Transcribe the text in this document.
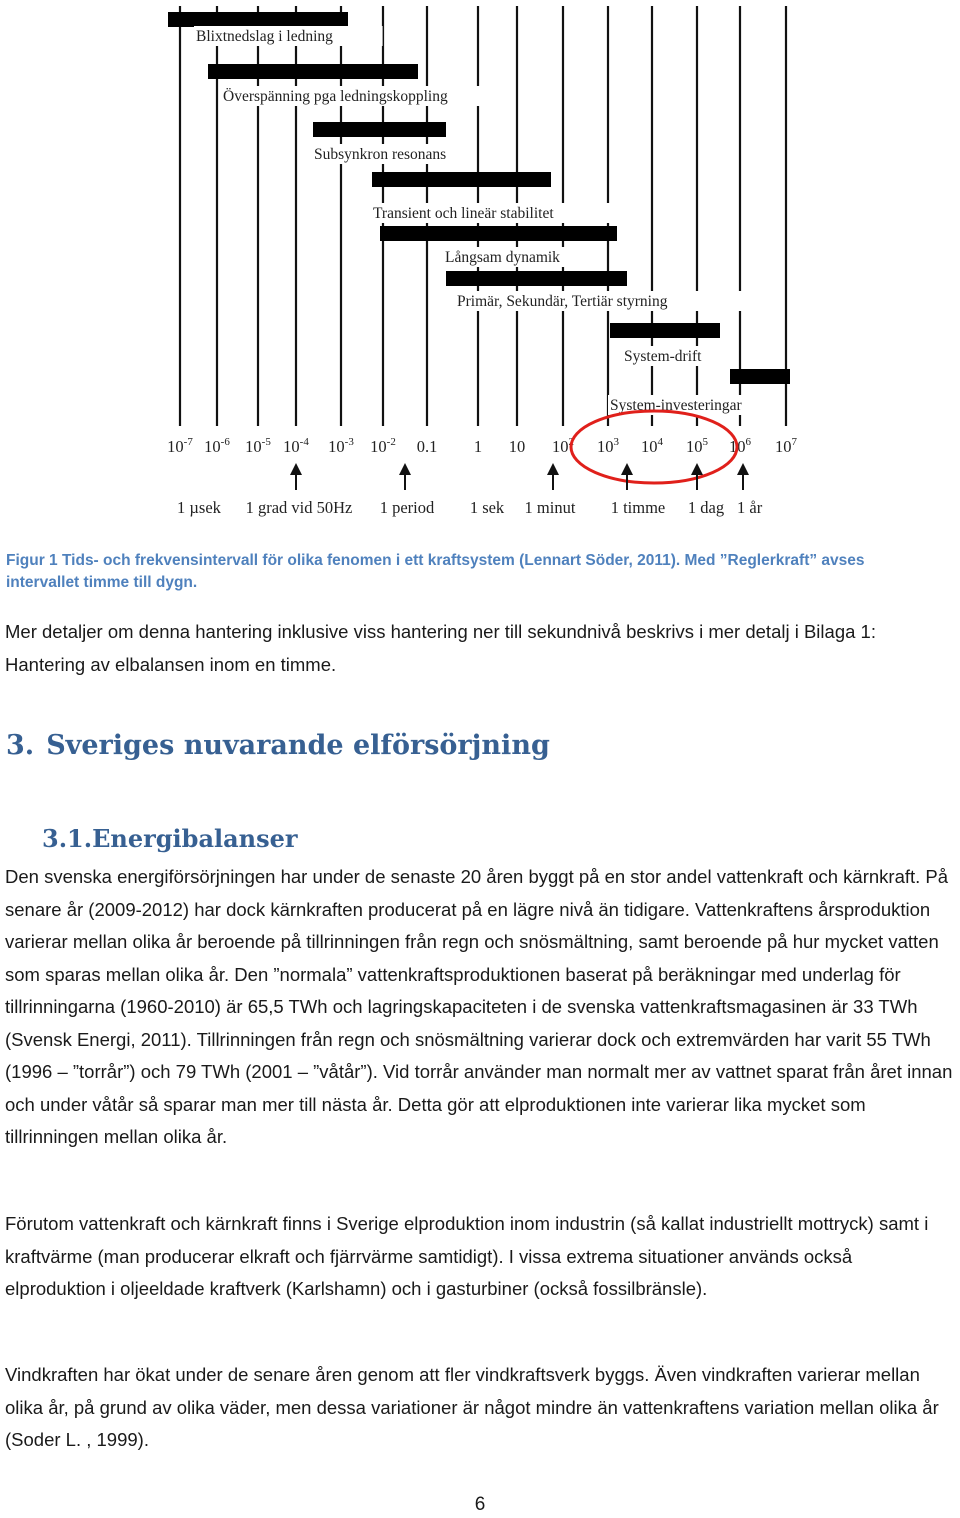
Blixtnedslag i ledning
Överspänning pga ledningskoppling
Subsynkron resonans
Transient och lineär stabilitet
Långsam dynamik
Primär, Sekundär, Tertiär styrning
System-drift
System-investeringar
$10^{-7}$ $10^{-6}$ $10^{-5}$ $10^{-4}$ $10^{-3}$ $10^{-2}$ 0.1 1 10 $10^2$ $10^3$ $10^4$ $10^5$ $10^6$ $10^7$
1 µsek 1 grad vid 50Hz 1 period 1 sek 1 minut 1 timme 1 dag 1 år
Figur 1 Tids- och frekvensintervall för olika fenomen i ett kraftsystem (Lennart Söder, 2011). Med ”Reglerkraft” avses intervallet timme till dygn.

Mer detaljer om denna hantering inklusive viss hantering ner till sekundnivå beskrivs i mer detalj i Bilaga 1: Hantering av elbalansen inom en timme.

3. Sveriges nuvarande elförsörjning
3.1.Energibalanser

Den svenska energiförsörjningen har under de senaste 20 åren byggt på en stor andel vattenkraft och kärnkraft. På senare år (2009-2012) har dock kärnkraften producerat på en lägre nivå än tidigare. Vattenkraftens årsproduktion varierar mellan olika år beroende på tillrinningen från regn och snösmältning, samt beroende på hur mycket vatten som sparas mellan olika år. Den ”normala” vattenkraftsproduktionen baserat på beräkningar med underlag för tillrinningarna (1960-2010) är 65,5 TWh och lagringskapaciteten i de svenska vattenkraftsmagasinen är 33 TWh (Svensk Energi, 2011). Tillrinningen från regn och snösmältning varierar dock och extremvärden har varit 55 TWh (1996 – ”torrår”) och 79 TWh (2001 – ”våtår”). Vid torrår använder man normalt mer av vattnet sparat från året innan och under våtår så sparar man mer till nästa år. Detta gör att elproduktionen inte varierar lika mycket som tillrinningen mellan olika år.

Förutom vattenkraft och kärnkraft finns i Sverige elproduktion inom industrin (så kallat industriellt mottryck) samt i kraftvärme (man producerar elkraft och fjärrvärme samtidigt). I vissa extrema situationer används också elproduktion i oljeeldade kraftverk (Karlshamn) och i gasturbiner (också fossilbränsle).

Vindkraften har ökat under de senare åren genom att fler vindkraftsverk byggs. Även vindkraften varierar mellan olika år, på grund av olika väder, men dessa variationer är något mindre än vattenkraftens variation mellan olika år (Soder L. , 1999).

6
